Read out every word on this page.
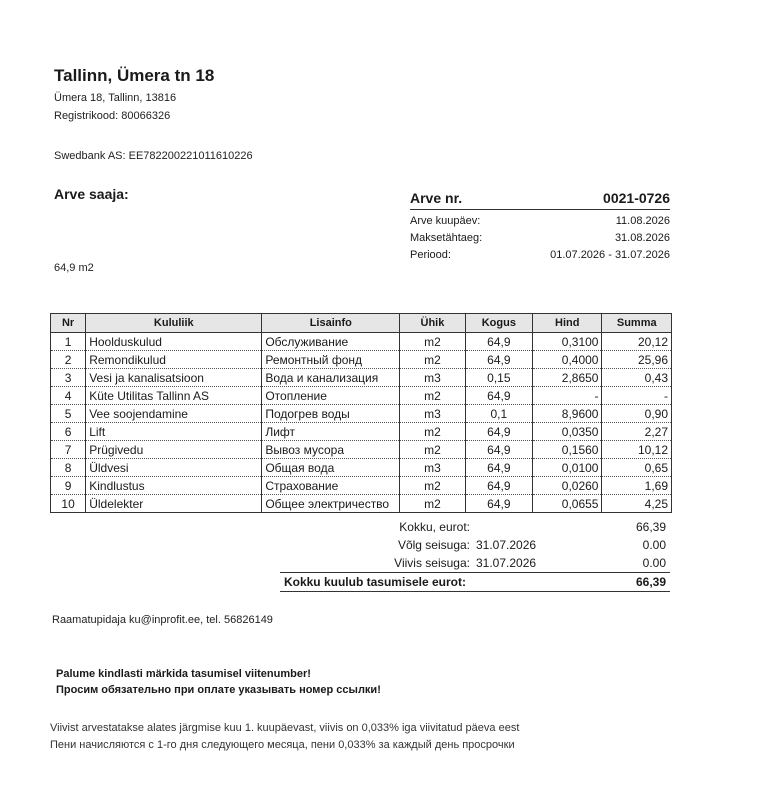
Tallinn, Ümera tn 18
Ümera 18, Tallinn, 13816
Registrikood: 80066326
Swedbank AS: EE782200221011610226
Arve saaja:
64,9 m2
Arve nr.	0021-0726
Arve kuupäev:	11.08.2026
Maksetähtaeg:	31.08.2026
Periood:	01.07.2026 - 31.07.2026
Nr	Kululiik	Lisainfo	Ühik	Kogus	Hind	Summa
1	Hoolduskulud	Обслуживание	m2	64,9	0,3100	20,12
2	Remondikulud	Ремонтный фонд	m2	64,9	0,4000	25,96
3	Vesi ja kanalisatsioon	Вода и канализация	m3	0,15	2,8650	0,43
4	Küte Utilitas Tallinn AS	Отопление	m2	64,9	-	-
5	Vee soojendamine	Подогрев воды	m3	0,1	8,9600	0,90
6	Lift	Лифт	m2	64,9	0,0350	2,27
7	Prügivedu	Вывоз мусора	m2	64,9	0,1560	10,12
8	Üldvesi	Общая вода	m3	64,9	0,0100	0,65
9	Kindlustus	Страхование	m2	64,9	0,0260	1,69
10	Üldelekter	Общее электричество	m2	64,9	0,0655	4,25
Kokku, eurot:	66,39
Võlg seisuga: 31.07.2026	0.00
Viivis seisuga: 31.07.2026	0.00
Kokku kuulub tasumisele eurot:	66,39
Raamatupidaja ku@inprofit.ee, tel. 56826149
Palume kindlasti märkida tasumisel viitenumber!
Просим обязательно при оплате указывать номер ссылки!
Viivist arvestatakse alates järgmise kuu 1. kuupäevast, viivis on 0,033% iga viivitatud päeva eest
Пени начисляются с 1-го дня следующего месяца, пени 0,033% за каждый день просрочки
